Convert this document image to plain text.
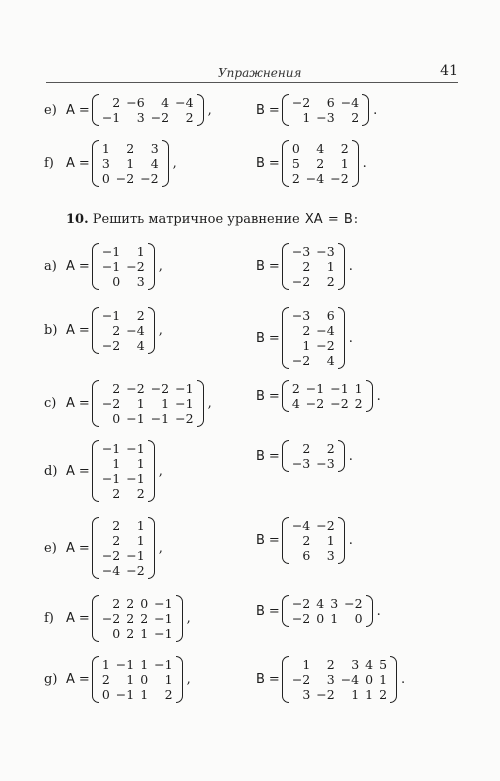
Упражнения	41
e) A = 2	−6	4	−4
−1	3	−2	2 ,	B = −2	6	−4
1	−3	2 .
f) A =
1	2	3
3	1	4
0	−2	−2
,	B =
0	4	2
5	2	1
2	−4	−2
.
10. Решить матричное уравнение XA = B:
a) A =
−1	1
−1	−2
0	3
,	B =
−3	−3
2	1
−2	2
.
b) A =
−1	2
2	−4
−2	4
,	B =
−3	6
2	−4
1	−2
−2	4
.
c) A =
2	−2	−2	−1
−2	1	1	−1
0	−1	−1	−2
,	B = 2	−1	−1	1
4	−2	−2	2 .
d) A =
−1	−1
1	1
−1	−1
2	2
,
B = 2	2
−3	−3 .
e) A =
2	1
2	1
−2	−1
−4	−2
,	B =
−4	−2
2	1
6	3
.
f) A =
2	2	0	−1
−2	2	2	−1
0	2	1	−1
,	B = −2	4	3	−2
−2	0	1	0 .
g) A =
1	−1	1	−1
2	1	0	1
0	−1	1	2
,	B =
1	2	3	4	5
−2	3	−4	0	1
3	−2	1	1	2
.
